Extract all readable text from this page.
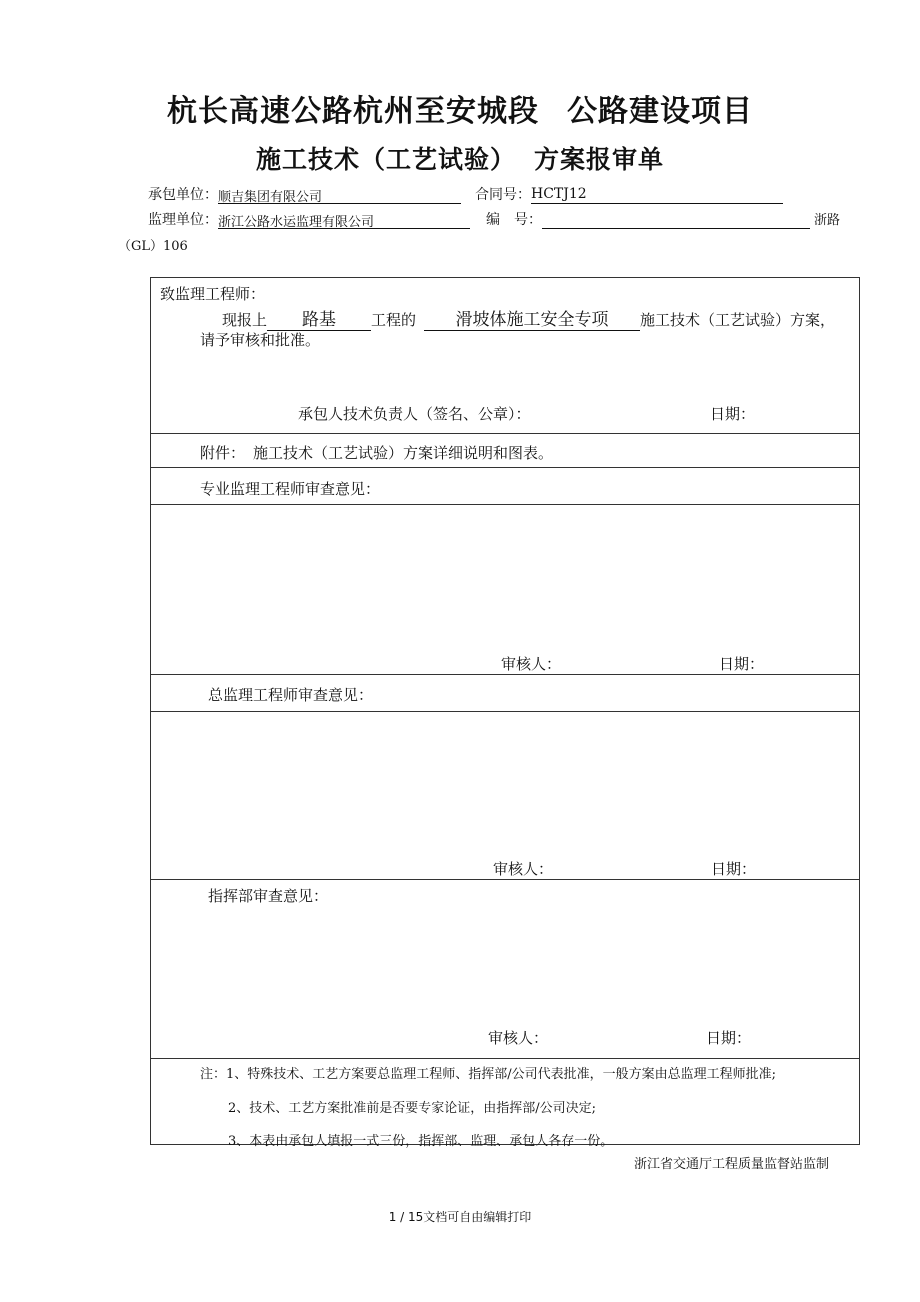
杭长高速公路杭州至安城段 公路建设项目
施工技术（工艺试验） 方案报审单
承包单位：顺吉集团有限公司	合同号：HCTJ12
监理单位：浙江公路水运监理有限公司	编　号：	浙路
（GL）106
致监理工程师：
现报上 路基 工程的 滑坡体施工安全专项 施工技术（工艺试验）方案，
请予审核和批准。
承包人技术负责人（签名、公章）：	日期：
附件： 施工技术（工艺试验）方案详细说明和图表。
专业监理工程师审查意见：
审核人：	日期：
总监理工程师审查意见：
审核人：	日期：
指挥部审查意见：
审核人：	日期：
注：1、特殊技术、工艺方案要总监理工程师、指挥部/公司代表批准，一般方案由总监理工程师批准;
2、技术、工艺方案批准前是否要专家论证，由指挥部/公司决定;
3、本表由承包人填报一式三份，指挥部、监理、承包人各存一份。
浙江省交通厅工程质量监督站监制
1 / 15文档可自由编辑打印
